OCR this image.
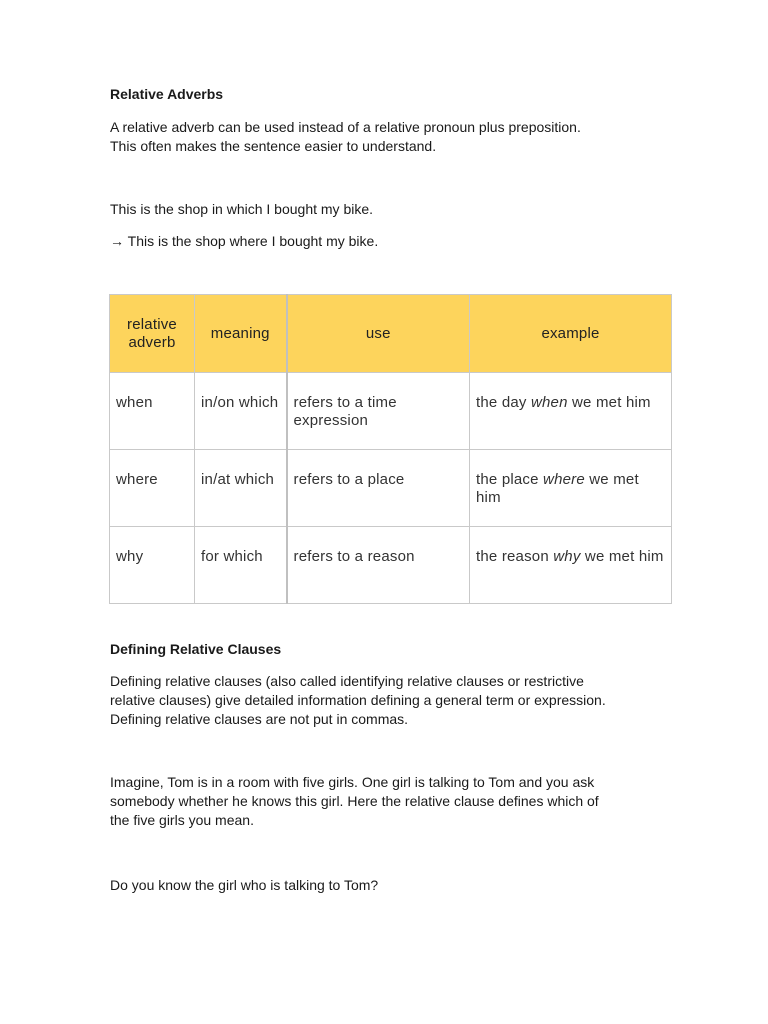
Relative Adverbs
A relative adverb can be used instead of a relative pronoun plus preposition.
This often makes the sentence easier to understand.
This is the shop in which I bought my bike.
→ This is the shop where I bought my bike.
relative adverb	meaning	use	example
when	in/on which	refers to a time expression	the day when we met him
where	in/at which	refers to a place	the place where we met him
why	for which	refers to a reason	the reason why we met him
Defining Relative Clauses
Defining relative clauses (also called identifying relative clauses or restrictive
relative clauses) give detailed information defining a general term or expression.
Defining relative clauses are not put in commas.
Imagine, Tom is in a room with five girls. One girl is talking to Tom and you ask
somebody whether he knows this girl. Here the relative clause defines which of
the five girls you mean.
Do you know the girl who is talking to Tom?
